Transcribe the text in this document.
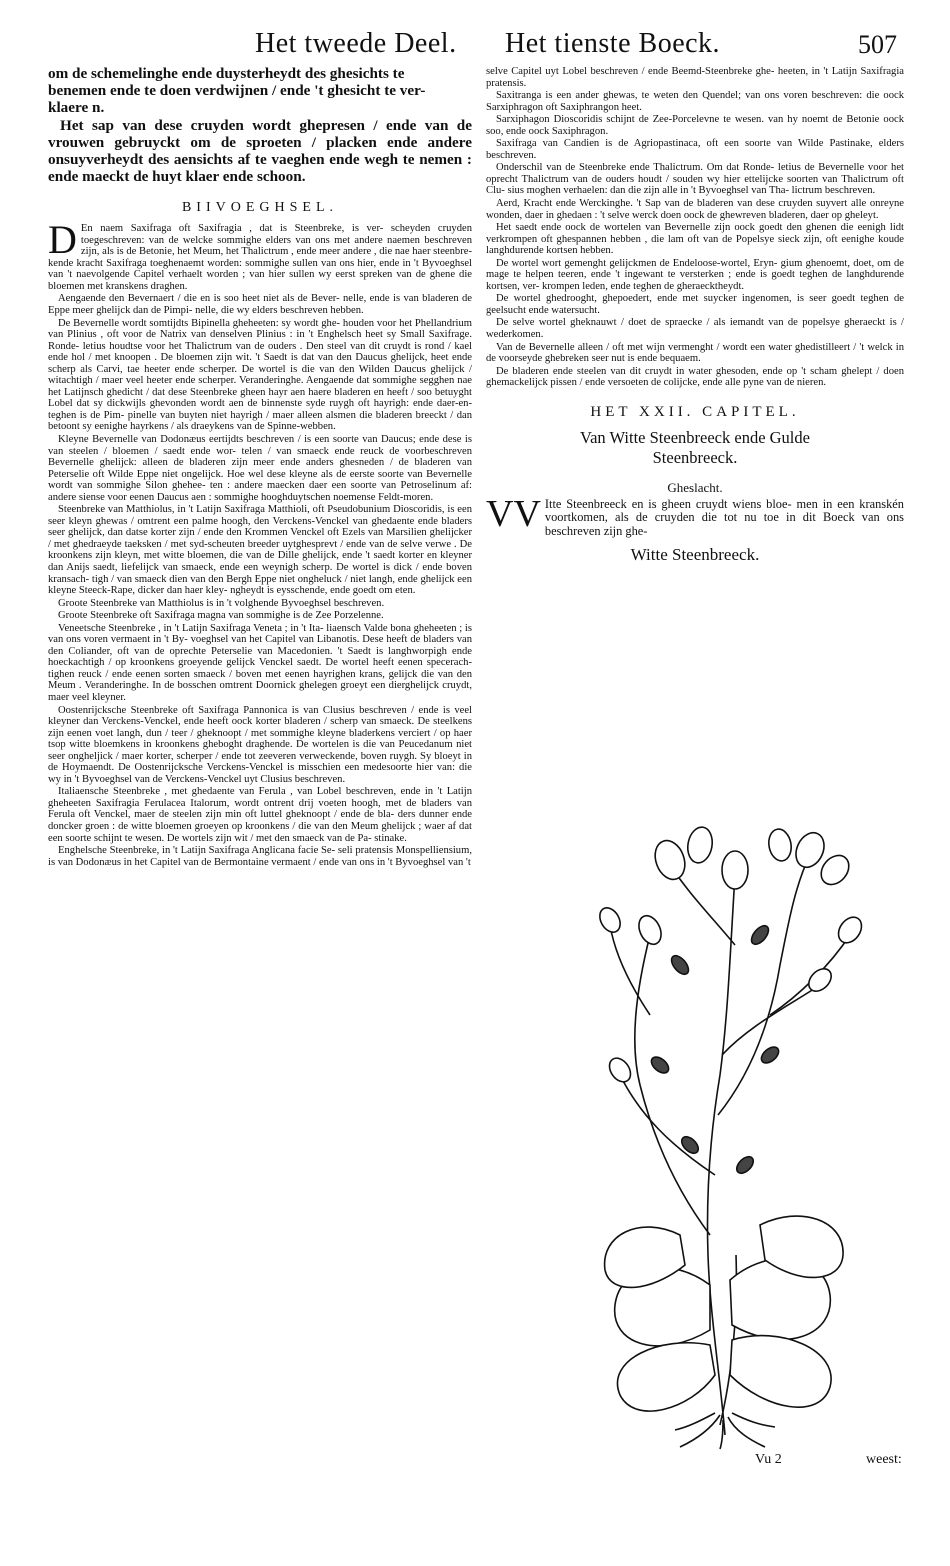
Het tweede Deel. Het tienste Boeck.	507
om de schemelinghe ende duysterheydt des ghesichts te
benemen ende te doen verdwijnen / ende 't ghesicht te ver-
klaere n.

Het sap van dese cruyden wordt ghepresen / ende van de vrouwen gebruyckt om de sproeten / placken ende andere onsuyverheydt des aensichts af te vaeghen ende wegh te nemen : ende maeckt de huyt klaer ende schoon.

BIIVOEGHSEL.

D En naem Saxifraga oft Saxifragia , dat is Steenbreke, is ver- scheyden cruyden toegeschreven: van de welcke sommighe elders van ons met andere naemen beschreven zijn, als is de Betonie, het Meum, het Thalictrum , ende meer andere , die nae haer steenbre- kende kracht Saxifraga toeghenaemt worden: sommighe sullen van ons hier, ende in 't Byvoeghsel van 't naevolgende Capitel verhaelt worden ; van hier sullen wy eerst spreken van de ghene die bloemen met kranskens draghen.

Aengaende den Bevernaert / die en is soo heet niet als de Bever- nelle, ende is van bladeren de Eppe meer ghelijck dan de Pimpi- nelle, die wy elders beschreven hebben.

De Bevernelle wordt somtijdts Bipinella gheheeten: sy wordt ghe- houden voor het Phellandrium van Plinius , oft voor de Natrix van denselven Plinius : in 't Enghelsch heet sy Small Saxifrage. Ronde- letius houdtse voor het Thalictrum van de ouders . Den steel van dit cruydt is rond / kael ende hol / met knoopen . De bloemen zijn wit. 't Saedt is dat van den Daucus ghelijck, heet ende scherp als Carvi, tae heeter ende scherper. De wortel is die van den Wilden Daucus ghelijck / witachtigh / maer veel heeter ende scherper. Veranderinghe. Aengaende dat sommighe segghen nae het Latijnsch ghedicht / dat dese Steenbreke gheen hayr aen haere bladeren en heeft / soo betuyght Lobel dat sy dickwijls ghevonden wordt aen de binnenste syde ruygh oft hayrigh: ende daer-en-teghen is de Pim- pinelle van buyten niet hayrigh / maer alleen alsmen die bladeren breeckt / dan betoont sy eenighe hayrkens / als draeykens van de Spinne-webben.

Kleyne Bevernelle van Dodonæus eertijdts beschreven / is een soorte van Daucus; ende dese is van steelen / bloemen / saedt ende wor- telen / van smaeck ende reuck de voorbeschreven Bevernelle ghelijck: alleen de bladeren zijn meer ende anders ghesneden / de bladeren van Peterselie oft Wilde Eppe niet ongelijck. Hoe wel dese kleyne als de eerste soorte van Bevernelle wordt van sommighe Silon ghehee- ten : andere maecken daer een soorte van Petroselinum af: andere siense voor eenen Daucus aen : sommighe hooghduytschen noemense Feldt-moren.

Steenbreke van Matthiolus, in 't Latijn Saxifraga Matthioli, oft Pseudobunium Dioscoridis, is een seer kleyn ghewas / omtrent een palme hoogh, den Verckens-Venckel van ghedaente ende bladers seer ghelijck, dan datse korter zijn / ende den Krommen Venckel oft Ezels van Marsilien ghelijcker / met ghedraeyde taeksken / met syd-scheuten breeder uytghesprevt / ende van de selve verwe . De kroonkens zijn kleyn, met witte bloemen, die van de Dille ghelijck, ende 't saedt korter en kleyner dan Anijs saedt, liefelijck van smaeck, ende een weynigh scherp. De wortel is dick / ende boven kransach- tigh / van smaeck dien van den Bergh Eppe niet ongheluck / niet langh, ende ghelijck een kleyne Steeck-Rape, dicker dan haer kley- ngheydt is eysschende, ende goedt om eten.

Groote Steenbreke van Matthiolus is in 't volghende Byvoeghsel beschreven.

Groote Steenbreke oft Saxifraga magna van sommighe is de Zee Porzelenne.

Veneetsche Steenbreke , in 't Latijn Saxifraga Veneta ; in 't Ita- liaensch Valde bona gheheeten ; is van ons voren vermaent in 't By- voeghsel van het Capitel van Libanotis. Dese heeft de bladers van den Coliander, oft van de oprechte Peterselie van Macedonien. 't Saedt is langhworpigh ende hoeckachtigh / op kroonkens groeyende gelijck Venckel saedt. De wortel heeft eenen specerach- tighen reuck / ende eenen sorten smaeck / boven met eenen hayrighen krans, gelijck die van den Meum . Veranderinghe. In de bosschen omtrent Doornick ghelegen groeyt een dierghelijck cruydt, maer veel kleyner.

Oostenrijcksche Steenbreke oft Saxifraga Pannonica is van Clusius beschreven / ende is veel kleyner dan Verckens-Venckel, ende heeft oock korter bladeren / scherp van smaeck. De steelkens zijn eenen voet langh, dun / teer / gheknoopt / met sommighe kleyne bladerkens verciert / op haer tsop witte bloemkens in kroonkens gheboght draghende. De wortelen is die van Peucedanum niet seer ongheljick / maer korter, scherper / ende tot zeeveren verweckende, boven ruygh. Sy bloeyt in de Hoymaendt. De Oostenrijcksche Verckens-Venckel is misschien een medesoorte hier van: die wy in 't Byvoeghsel van de Verckens-Venckel uyt Clusius beschreven.

Italiaensche Steenbreke , met ghedaente van Ferula , van Lobel beschreven, ende in 't Latijn gheheeten Saxifragia Ferulacea Italorum, wordt ontrent drij voeten hoogh, met de bladers van Ferula oft Venckel, maer de steelen zijn min oft luttel gheknoopt / ende de bla- ders dunner ende doncker groen : de witte bloemen groeyen op kroonkens / die van den Meum ghelijck ; waer af dat een soorte schijnt te wesen. De wortels zijn wit / met den smaeck van de Pa- stinake.

Enghelsche Steenbreke, in 't Latijn Saxifraga Anglicana facie Se- seli pratensis Monspelliensium, is van Dodonæus in het Capitel van de Bermontaine vermaent / ende van ons in 't Byvoeghsel van 't

selve Capitel uyt Lobel beschreven / ende Beemd-Steenbreke ghe- heeten, in 't Latijn Saxifragia pratensis.

Saxitranga is een ander ghewas, te weten den Quendel; van ons voren beschreven: die oock Sarxiphragon oft Saxiphrangon heet.

Sarxiphagon Dioscoridis schijnt de Zee-Porcelevne te wesen. van hy noemt de Betonie oock soo, ende oock Saxiphragon.

Saxifraga van Candien is de Agriopastinaca, oft een soorte van Wilde Pastinake, elders beschreven.

Onderschil van de Steenbreke ende Thalictrum. Om dat Ronde- letius de Bevernelle voor het oprecht Thalictrum van de ouders houdt / souden wy hier ettelijcke soorten van Thalictrum oft Clu- sius moghen verhaelen: dan die zijn alle in 't Byvoeghsel van Tha- lictrum beschreven.

Aerd, Kracht ende Werckinghe. 't Sap van de bladeren van dese cruyden suyvert alle onreyne wonden, daer in ghedaen : 't selve werck doen oock de ghewreven bladeren, daer op gheleyt.

Het saedt ende oock de wortelen van Bevernelle zijn oock goedt den ghenen die eenigh lidt verkrompen oft ghespannen hebben , die lam oft van de Popelsye sieck zijn, oft eenighe koude langhdurende kortsen hebben.

De wortel wort gemenght gelijckmen de Endeloose-wortel, Eryn- gium ghenoemt, doet, om de mage te helpen teeren, ende 't ingewant te versterken ; ende is goedt teghen de langhdurende kortsen, ver- krompen leden, ende teghen de gheraecktheydt.

De wortel ghedrooght, ghepoedert, ende met suycker ingenomen, is seer goedt teghen de geelsucht ende watersucht.

De selve wortel gheknauwt / doet de spraecke / als iemandt van de popelsye gheraeckt is / wederkomen.

Van de Bevernelle alleen / oft met wijn vermenght / wordt een water ghedistilleert / 't welck in de voorseyde ghebreken seer nut is ende bequaem.

De bladeren ende steelen van dit cruydt in water ghesoden, ende op 't scham ghelept / doen ghemackelijck pissen / ende versoeten de colijcke, ende alle pyne van de nieren.

HET XXII. CAPITEL.
Van Witte Steenbreeck ende Gulde
Steenbreeck.
Gheslacht.
VV Itte Steenbreeck en is gheen cruydt wiens bloe- men in een kranskén voortkomen, als de cruyden die tot nu toe in dit Boeck van ons beschreven zijn ghe-
Witte Steenbreeck.
Vu 2	weest:
